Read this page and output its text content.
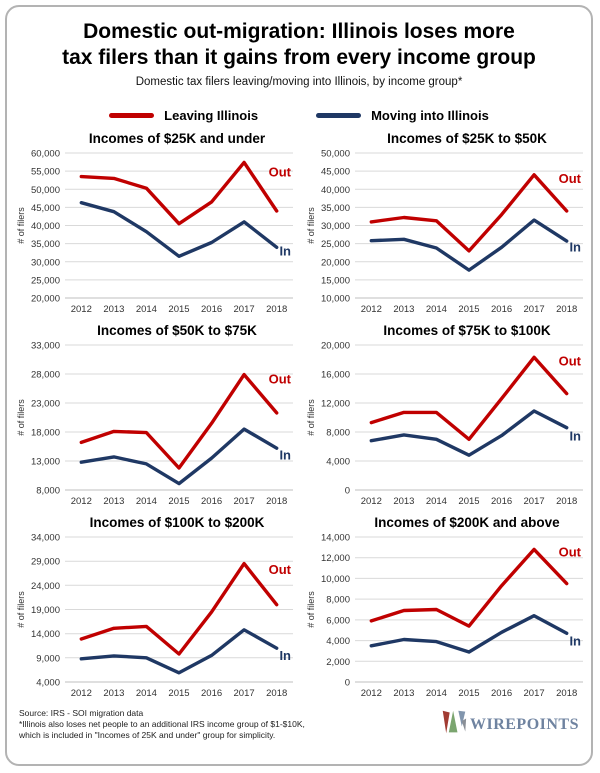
Domestic out-migration: Illinois loses more
tax filers than it gains from every income group
Domestic tax filers leaving/moving into Illinois, by income group*
Leaving Illinois	Moving into Illinois
Incomes of $25K and under
20,000
25,000
30,000
35,000
40,000
45,000
50,000
55,000
60,000
2012 2013 2014 2015 2016 2017 2018
# of filers
Out
In
Incomes of $25K to $50K
10,000
15,000
20,000
25,000
30,000
35,000
40,000
45,000
50,000
2012 2013 2014 2015 2016 2017 2018
# of filers
Out
In
Incomes of $50K to $75K
8,000
13,000
18,000
23,000
28,000
33,000
2012 2013 2014 2015 2016 2017 2018
# of filers
Out
In
Incomes of $75K to $100K
0
4,000
8,000
12,000
16,000
20,000
2012 2013 2014 2015 2016 2017 2018
# of filers
Out
In
Incomes of $100K to $200K
4,000
9,000
14,000
19,000
24,000
29,000
34,000
2012 2013 2014 2015 2016 2017 2018
# of filers
Out
In
Incomes of $200K and above
0
2,000
4,000
6,000
8,000
10,000
12,000
14,000
2012 2013 2014 2015 2016 2017 2018
# of filers
Out
In
Source: IRS - SOI migration data
*Illinois also loses net people to an additional IRS income group of $1-$10K,
which is included in "Incomes of 25K and under" group for simplicity.
WIREPOINTS
